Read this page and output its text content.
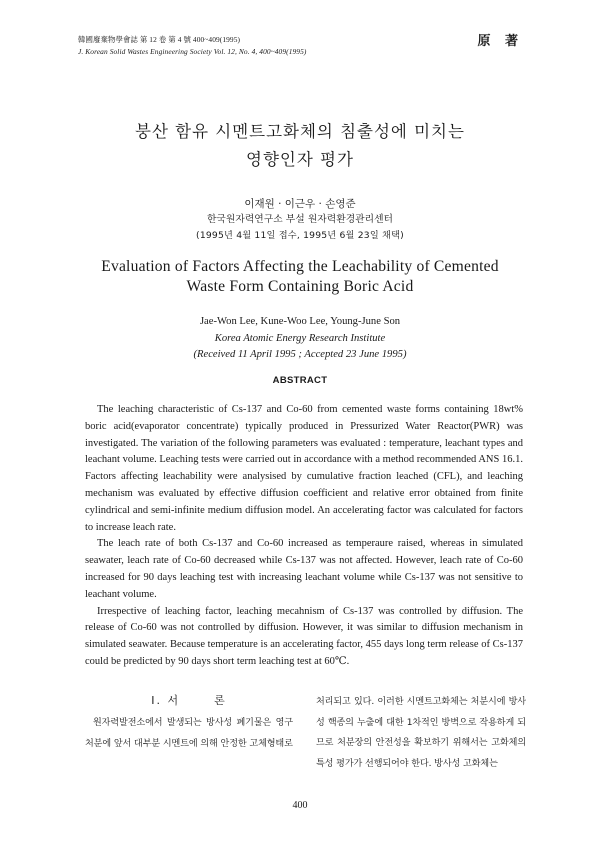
韓國廢棄物學會誌 第 12 卷 第 4 號 400~409(1995)
J. Korean Solid Wastes Engineering Society Vol. 12, No. 4, 400~409(1995)
原 著
붕산 함유 시멘트고화체의 침출성에 미치는
영향인자 평가
이재원 · 이근우 · 손영준
한국원자력연구소 부설 원자력환경관리센터
(1995년 4월 11일 접수, 1995년 6월 23일 채택)
Evaluation of Factors Affecting the Leachability of Cemented
Waste Form Containing Boric Acid
Jae-Won Lee, Kune-Woo Lee, Young-June Son
Korea Atomic Energy Research Institute
(Received 11 April 1995 ; Accepted 23 June 1995)
ABSTRACT

The leaching characteristic of Cs-137 and Co-60 from cemented waste forms containing 18wt% boric acid(evaporator concentrate) typically produced in Pressurized Water Reactor(PWR) was investigated. The variation of the following parameters was evaluated : temperature, leachant types and leachant volume. Leaching tests were carried out in accordance with a method recommended ANS 16.1. Factors affecting leachability were analysised by cumulative fraction leached (CFL), and leaching mechanism was evaluated by effective diffusion coefficient and relative error obtained from finite cylindrical and semi-infinite medium diffusion model. An accelerating factor was calculated for factors to increase leach rate.

The leach rate of both Cs-137 and Co-60 increased as temperaure raised, whereas in simulated seawater, leach rate of Co-60 decreased while Cs-137 was not affected. However, leach rate of Co-60 increased for 90 days leaching test with increasing leachant volume while Cs-137 was not sensitive to leachant volume.

Irrespective of leaching factor, leaching mecahnism of Cs-137 was controlled by diffusion. The release of Co-60 was not controlled by diffusion. However, it was similar to diffusion mechanism in simulated seawater. Because temperature is an accelerating factor, 455 days long term release of Cs-137 could be predicted by 90 days short term leaching test at 60℃.

I. 서	론
원자력발전소에서 발생되는 방사성 폐기물은 영구처분에 앞서 대부분 시멘트에 의해 안정한 고체형태로
처리되고 있다. 이러한 시멘트고화체는 처분시에 방사성 핵종의 누출에 대한 1차적인 방벽으로 작용하게 되므로 처분장의 안전성을 확보하기 위해서는 고화체의 특성 평가가 선행되어야 한다. 방사성 고화체는
400
